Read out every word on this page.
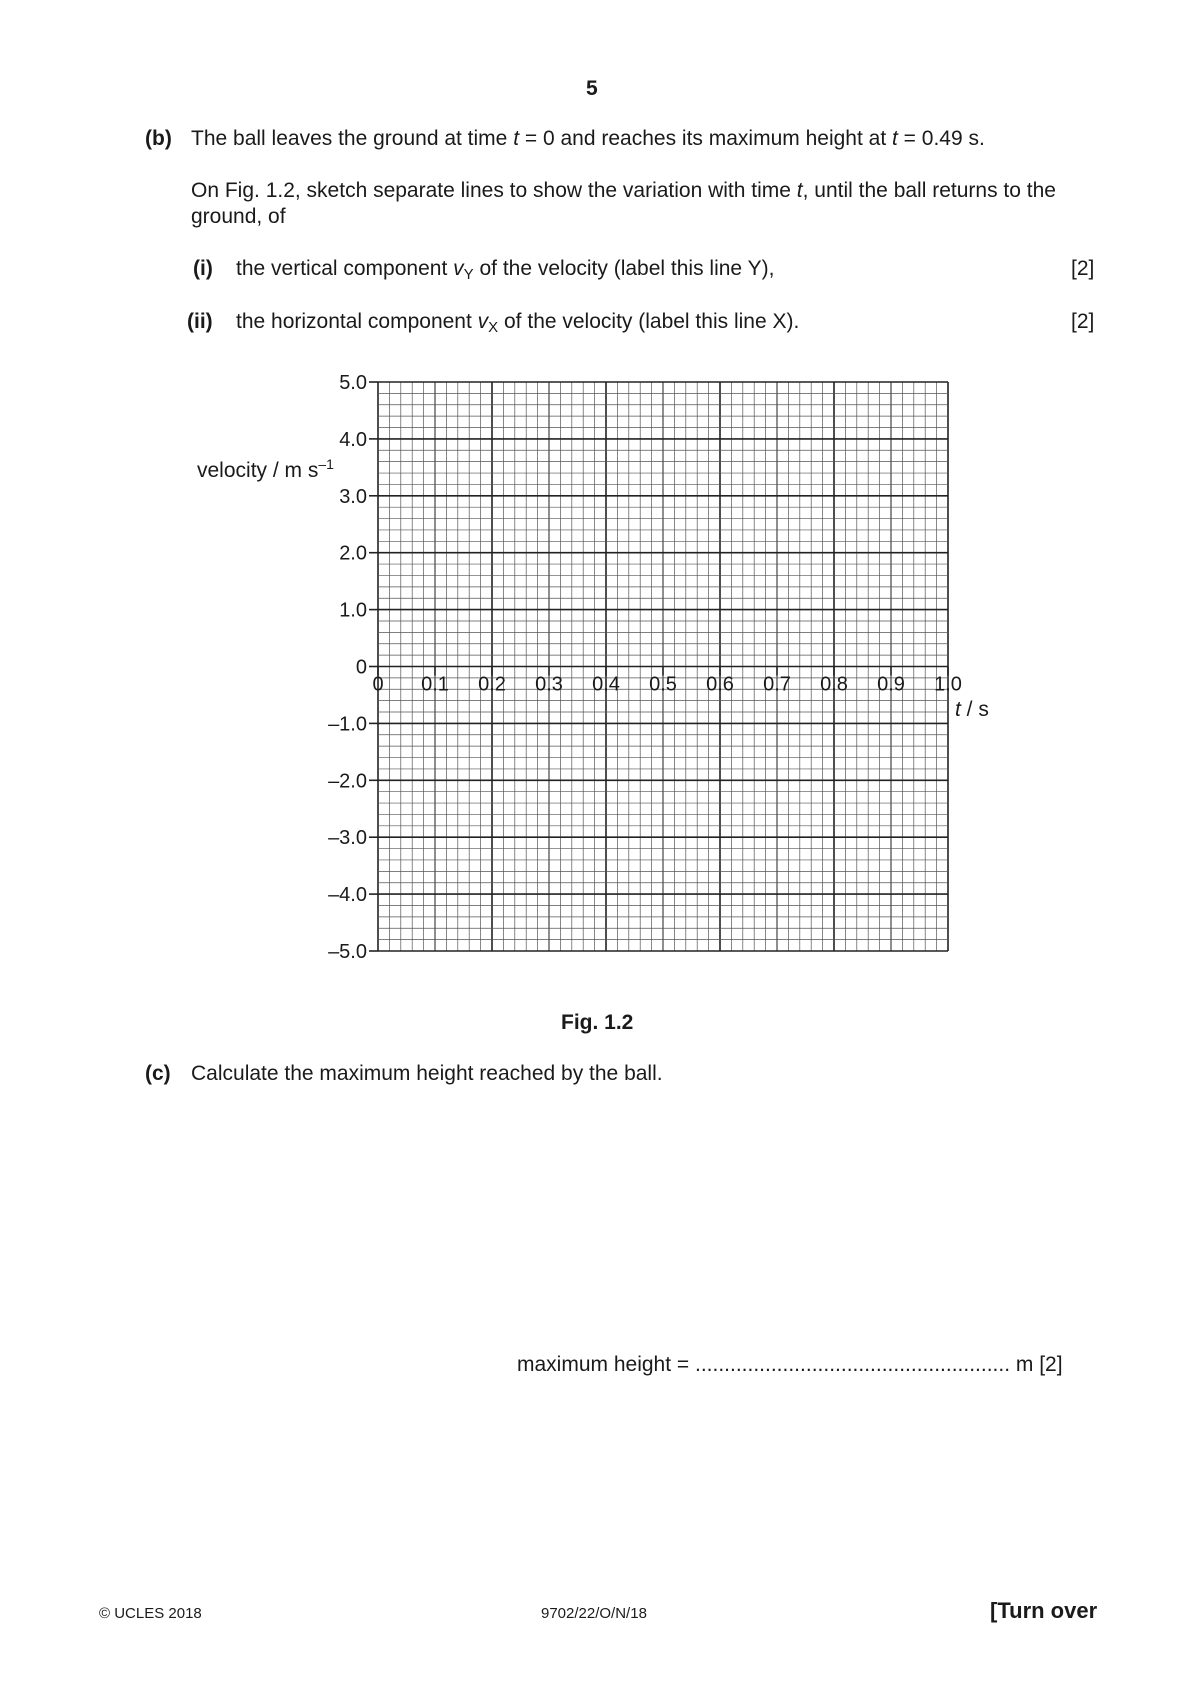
5
(b) The ball leaves the ground at time t = 0 and reaches its maximum height at t = 0.49 s.
On Fig. 1.2, sketch separate lines to show the variation with time t, until the ball returns to the
ground, of
(i) the vertical component $v_Y$ of the velocity (label this line Y),	[2]
(ii) the horizontal component $v_X$ of the velocity (label this line X).	[2]
velocity / m $s^{-1}$
5.0
4.0
3.0
2.0
1.0
0
–1.0
–2.0
–3.0
–4.0
–5.0
0 0.1 0.2 0.3 0.4 0.5 0.6 0.7 0.8 0.9 1.0
t / s
Fig. 1.2
(c) Calculate the maximum height reached by the ball.
maximum height = ...................................................... m [2]
© UCLES 2018	9702/22/O/N/18	[Turn over
